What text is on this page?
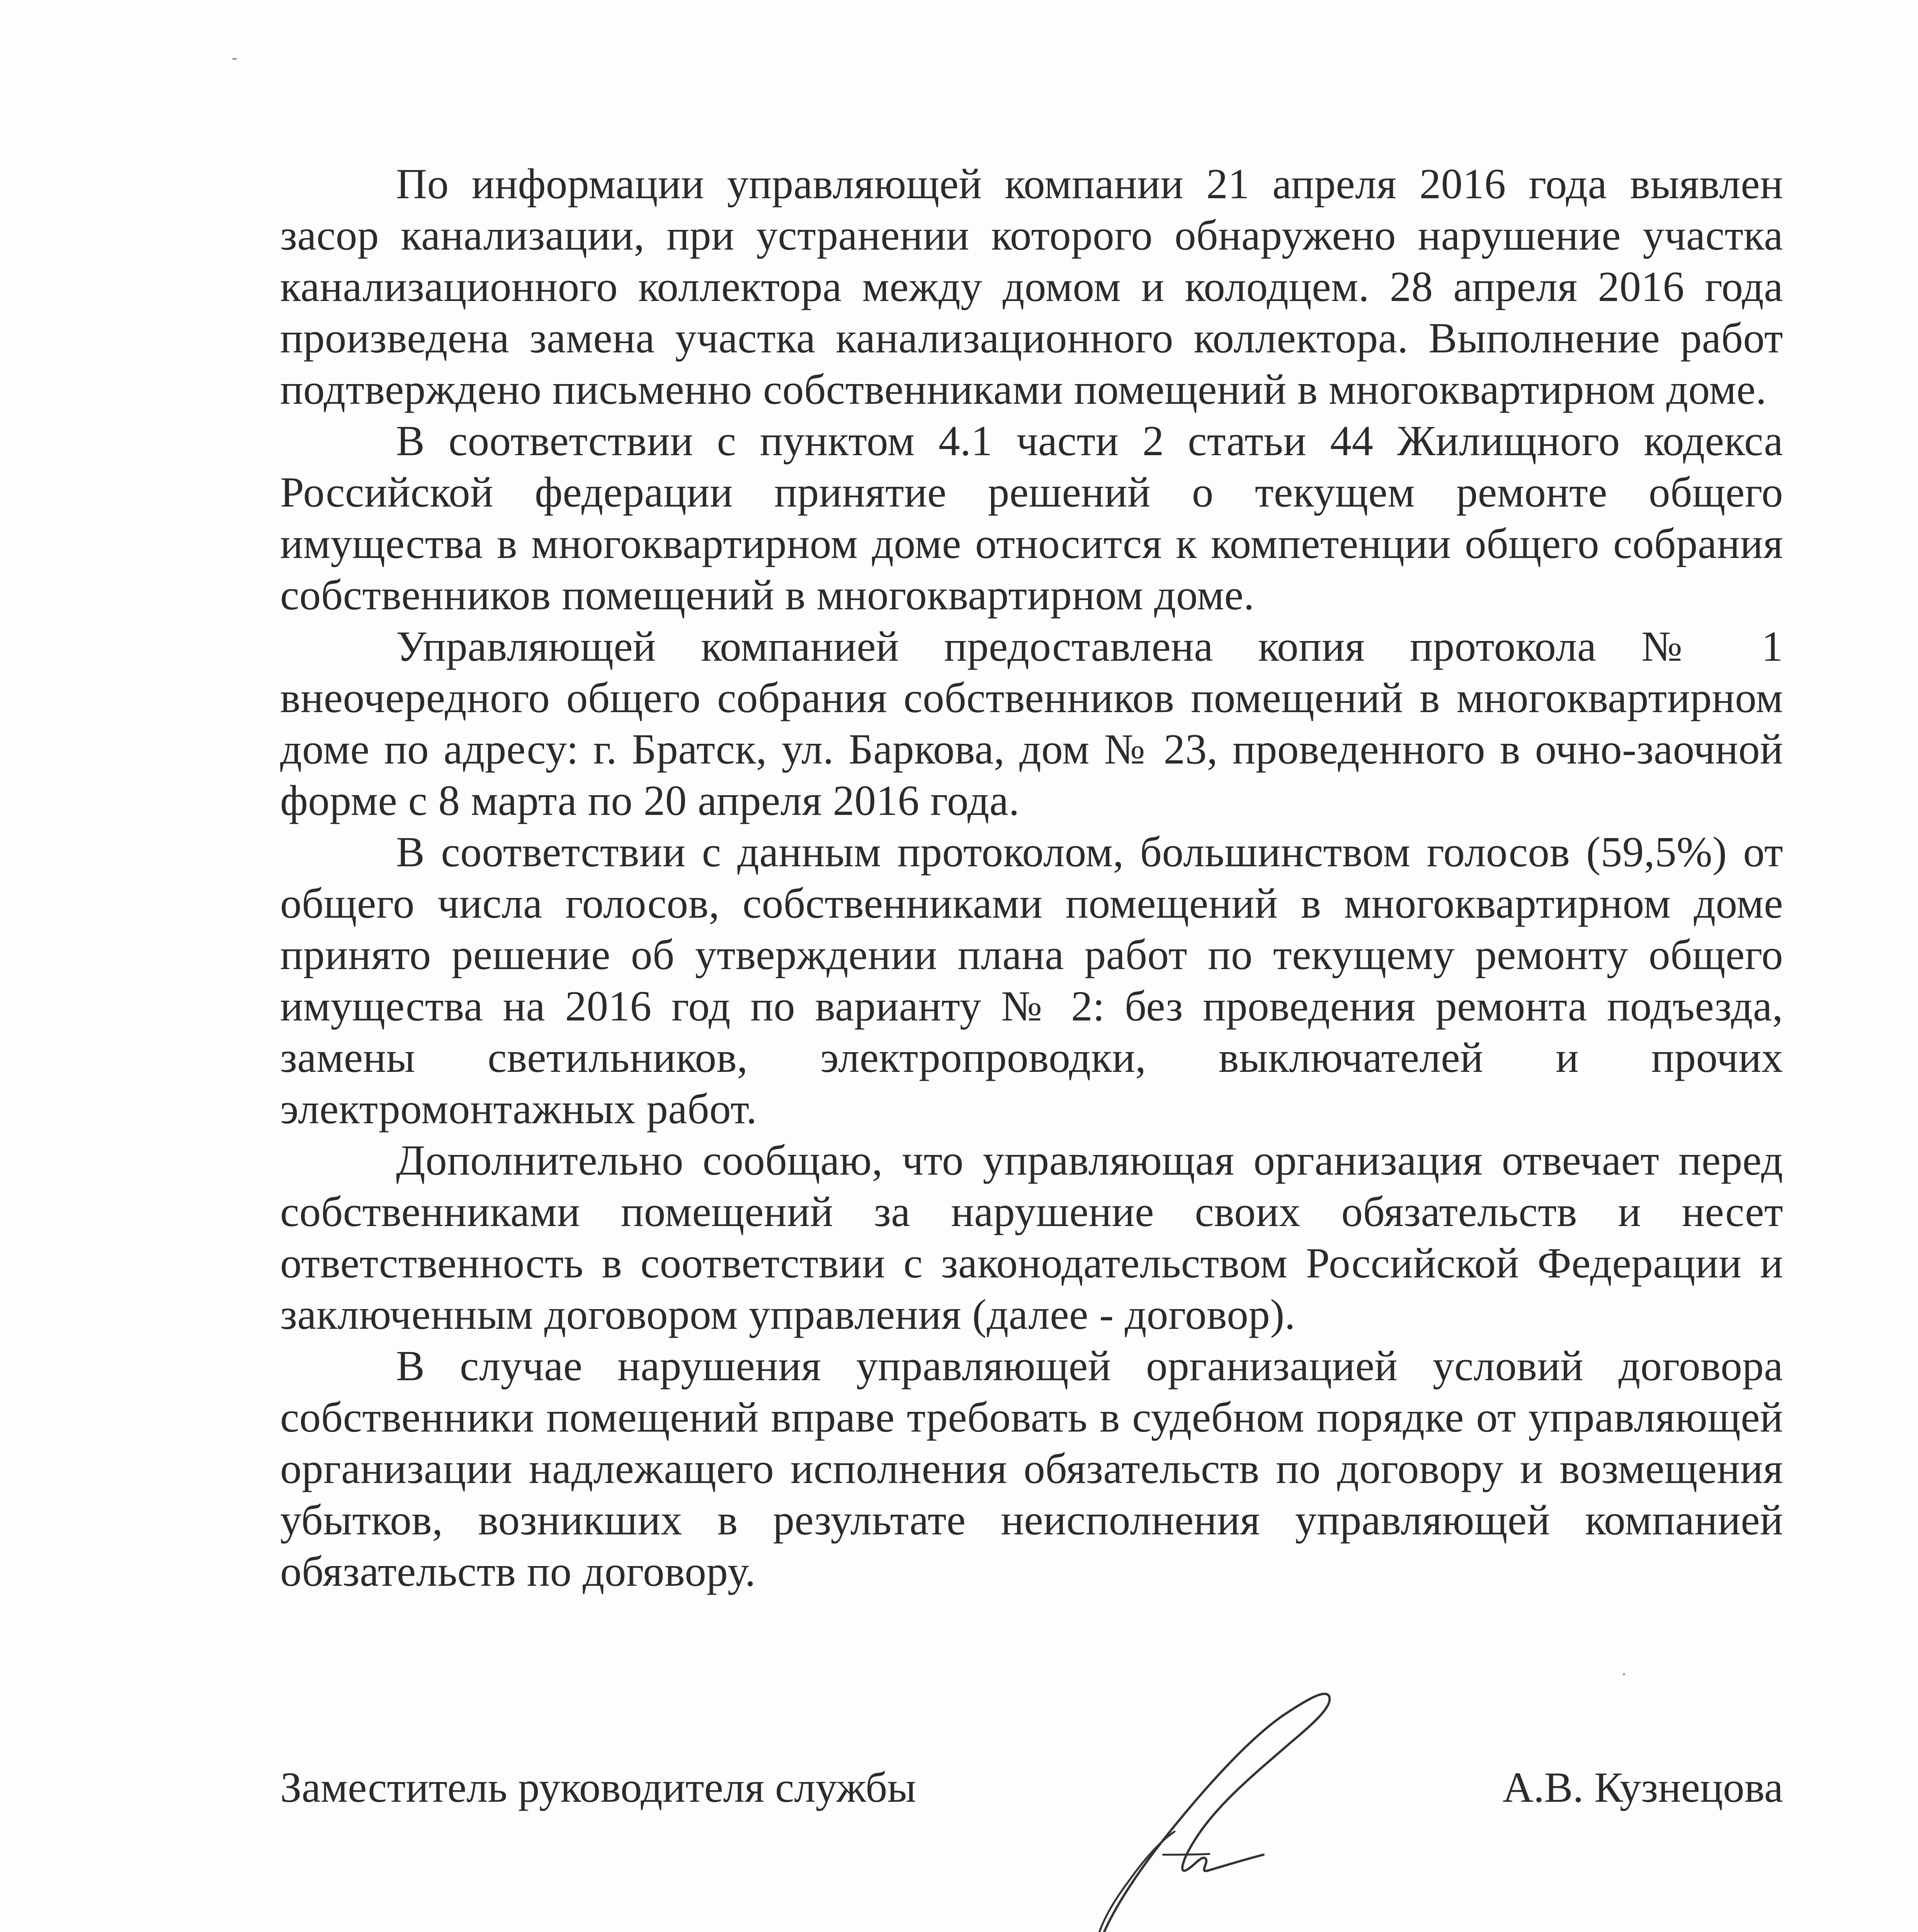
По информации управляющей компании 21 апреля 2016 года выявлен засор канализации, при устранении которого обнаружено нарушение участка канализационного коллектора между домом и колодцем. 28 апреля 2016 года произведена замена участка канализационного коллектора. Выполнение работ подтверждено письменно собственниками помещений в многоквартирном доме.

В соответствии с пунктом 4.1 части 2 статьи 44 Жилищного кодекса Российской федерации принятие решений о текущем ремонте общего имущества в многоквартирном доме относится к компетенции общего собрания собственников помещений в многоквартирном доме.

Управляющей компанией предоставлена копия протокола № 1 внеочередного общего собрания собственников помещений в многоквартирном доме по адресу: г. Братск, ул. Баркова, дом № 23, проведенного в очно-заочной форме с 8 марта по 20 апреля 2016 года.

В соответствии с данным протоколом, большинством голосов (59,5%) от общего числа голосов, собственниками помещений в многоквартирном доме принято решение об утверждении плана работ по текущему ремонту общего имущества на 2016 год по варианту № 2: без проведения ремонта подъезда, замены светильников, электропроводки, выключателей и прочих электромонтажных работ.

Дополнительно сообщаю, что управляющая организация отвечает перед собственниками помещений за нарушение своих обязательств и несет ответственность в соответствии с законодательством Российской Федерации и заключенным договором управления (далее - договор).

В случае нарушения управляющей организацией условий договора собственники помещений вправе требовать в судебном порядке от управляющей организации надлежащего исполнения обязательств по договору и возмещения убытков, возникших в результате неисполнения управляющей компанией обязательств по договору.

Заместитель руководителя службы	А.В. Кузнецова
